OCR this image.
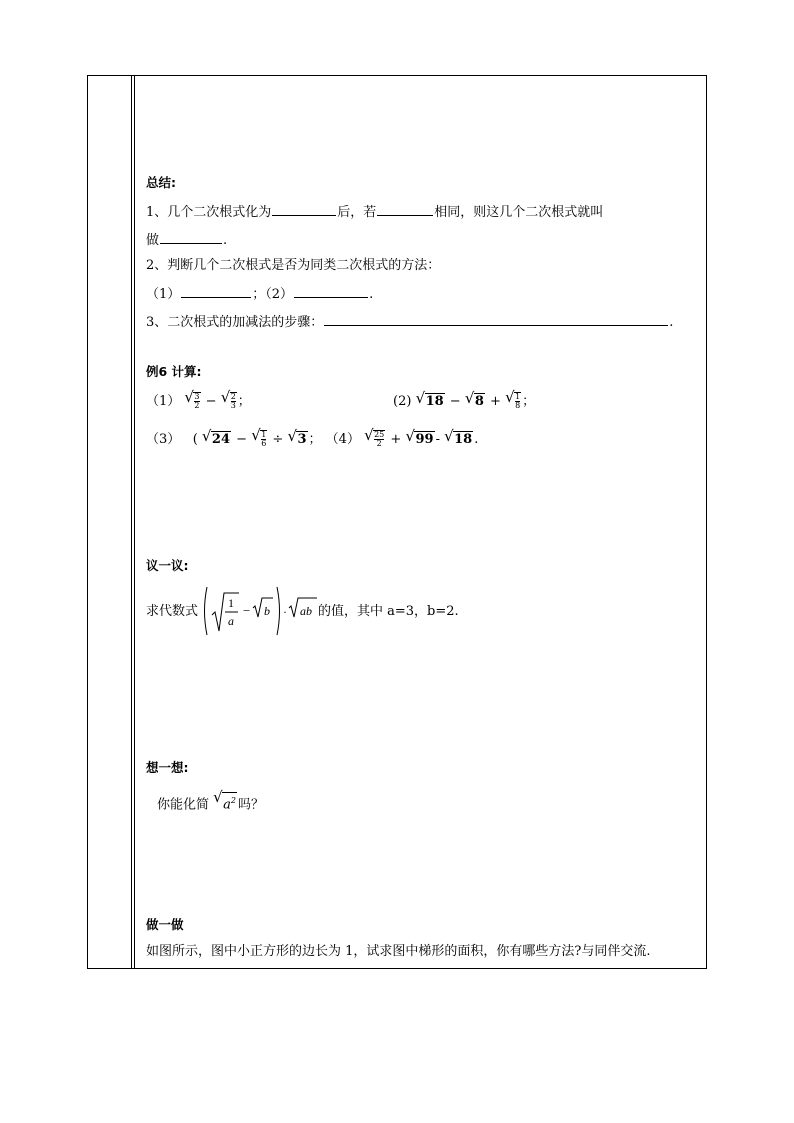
总结:
1、几个二次根式化为	后，若	相同，则这几个二次根式就叫
做	.
2、判断几个二次根式是否为同类二次根式的方法：
（1）	；（2）	.
3、二次根式的加减法的步骤：	.
例6 计算:
（1） √ $\frac{3}{2}$ − √ $\frac{2}{3}$ ；	(2) √ 18 − √ 8 + √ $\frac{1}{8}$ ；
（3） ( √ 24 − √ $\frac{1}{6}$ ÷ √ 3 ； （4） √ $\frac{25}{2}$ + √ 99 - √ 18 .
议一议:
求代数式
1
a
− b · ab 的值，其中 a=3，b=2.
想一想:
你能化简 √ $a^2$ 吗？
做一做
如图所示，图中小正方形的边长为 1，试求图中梯形的面积，你有哪些方法?与同伴交流.
